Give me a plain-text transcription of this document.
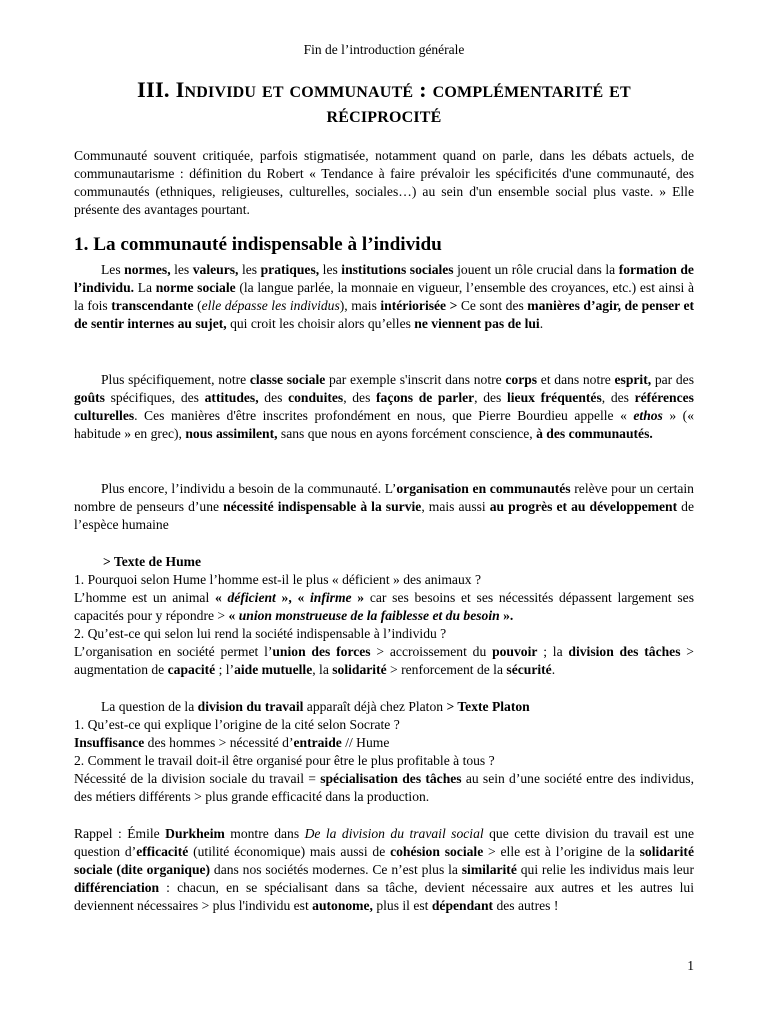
Fin de l’introduction générale
III. Individu et communauté : complémentarité et
réciprocité

Communauté souvent critiquée, parfois stigmatisée, notamment quand on parle, dans les débats actuels, de communautarisme : définition du Robert « Tendance à faire prévaloir les spécificités d'une communauté, des communautés (ethniques, religieuses, culturelles, sociales…) au sein d'un ensemble social plus vaste. » Elle présente des avantages pourtant.

1. La communauté indispensable à l’individu

Les normes, les valeurs, les pratiques, les institutions sociales jouent un rôle crucial dans la formation de l’individu. La norme sociale (la langue parlée, la monnaie en vigueur, l’ensemble des croyances, etc.) est ainsi à la fois transcendante (elle dépasse les individus), mais intériorisée > Ce sont des manières d’agir, de penser et de sentir internes au sujet, qui croit les choisir alors qu’elles ne viennent pas de lui.

Plus spécifiquement, notre classe sociale par exemple s'inscrit dans notre corps et dans notre esprit, par des goûts spécifiques, des attitudes, des conduites, des façons de parler, des lieux fréquentés, des références culturelles. Ces manières d'être inscrites profondément en nous, que Pierre Bourdieu appelle « ethos » (« habitude » en grec), nous assimilent, sans que nous en ayons forcément conscience, à des communautés.

Plus encore, l’individu a besoin de la communauté. L’organisation en communautés relève pour un certain nombre de penseurs d’une nécessité indispensable à la survie, mais aussi au progrès et au développement de l’espèce humaine

> Texte de Hume

1. Pourquoi selon Hume l’homme est-il le plus « déficient » des animaux ?

L’homme est un animal « déficient », « infirme » car ses besoins et ses nécessités dépassent largement ses capacités pour y répondre > « union monstrueuse de la faiblesse et du besoin ».

2. Qu’est-ce qui selon lui rend la société indispensable à l’individu ?

L’organisation en société permet l’union des forces > accroissement du pouvoir ; la division des tâches > augmentation de capacité ; l’aide mutuelle, la solidarité > renforcement de la sécurité.

La question de la division du travail apparaît déjà chez Platon > Texte Platon

1. Qu’est-ce qui explique l’origine de la cité selon Socrate ?

Insuffisance des hommes > nécessité d’entraide // Hume

2. Comment le travail doit-il être organisé pour être le plus profitable à tous ?

Nécessité de la division sociale du travail = spécialisation des tâches au sein d’une société entre des individus, des métiers différents > plus grande efficacité dans la production.

Rappel : Émile Durkheim montre dans De la division du travail social que cette division du travail est une question d’efficacité (utilité économique) mais aussi de cohésion sociale > elle est à l’origine de la solidarité sociale (dite organique) dans nos sociétés modernes. Ce n’est plus la similarité qui relie les individus mais leur différenciation : chacun, en se spécialisant dans sa tâche, devient nécessaire aux autres et les autres lui deviennent nécessaires > plus l'individu est autonome, plus il est dépendant des autres !

1
